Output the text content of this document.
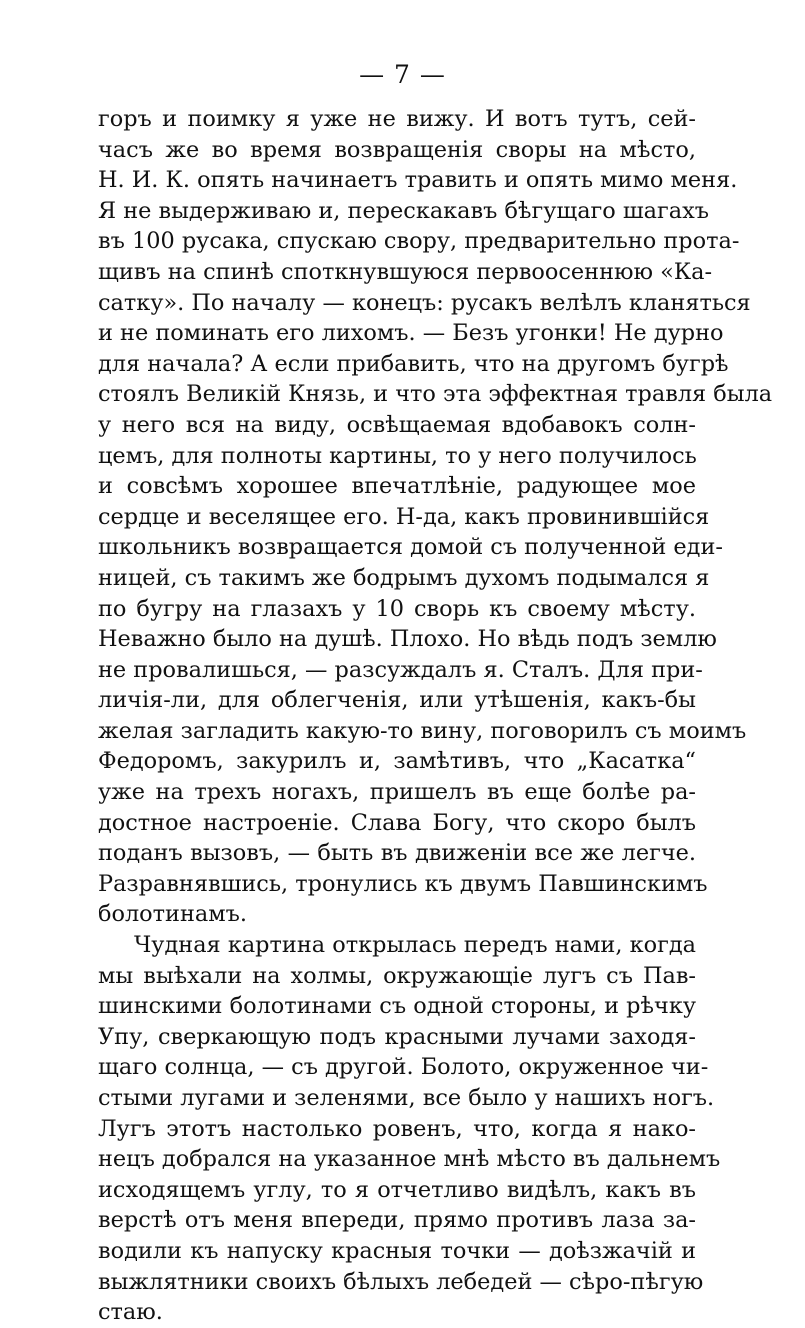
— 7 —
горъ и поимку я уже не вижу. И вотъ тутъ, сей-
часъ же во время возвращенія своры на мѣсто,
Н. И. К. опять начинаетъ травить и опять мимо меня.
Я не выдерживаю и, перескакавъ бѣгущаго шагахъ
въ 100 русака, спускаю свору, предварительно прота-
щивъ на спинѣ споткнувшуюся первоосеннюю «Ка-
сатку». По началу — конецъ: русакъ велѣлъ кланяться
и не поминать его лихомъ. — Безъ угонки! Не дурно
для начала? А если прибавить, что на другомъ бугрѣ
стоялъ Великій Князь, и что эта эффектная травля была
у него вся на виду, освѣщаемая вдобавокъ солн-
цемъ, для полноты картины, то у него получилось
и совсѣмъ хорошее впечатлѣніе, радующее мое
сердце и веселящее его. Н-да, какъ провинившійся
школьникъ возвращается домой съ полученной еди-
ницей, съ такимъ же бодрымъ духомъ подымался я
по бугру на глазахъ у 10 сворь къ своему мѣсту.
Неважно было на душѣ. Плохо. Но вѣдь подъ землю
не провалишься, — разсуждалъ я. Сталъ. Для при-
личія-ли, для облегченія, или утѣшенія, какъ-бы
желая загладить какую-то вину, поговорилъ съ моимъ
Федоромъ, закурилъ и, замѣтивъ, что „Касатка“
уже на трехъ ногахъ, пришелъ въ еще болѣе ра-
достное настроеніе. Слава Богу, что скоро былъ
поданъ вызовъ, — быть въ движеніи все же легче.
Разравнявшись, тронулись къ двумъ Павшинскимъ
болотинамъ.
Чудная картина открылась передъ нами, когда
мы выѣхали на холмы, окружающіе лугъ съ Пав-
шинскими болотинами съ одной стороны, и рѣчку
Упу, сверкающую подъ красными лучами заходя-
щаго солнца, — съ другой. Болото, окруженное чи-
стыми лугами и зеленями, все было у нашихъ ногъ.
Лугъ этотъ настолько ровенъ, что, когда я нако-
нецъ добрался на указанное мнѣ мѣсто въ дальнемъ
исходящемъ углу, то я отчетливо видѣлъ, какъ въ
верстѣ отъ меня впереди, прямо противъ лаза за-
водили къ напуску красныя точки — доѣзжачій и
выжлятники своихъ бѣлыхъ лебедей — сѣро-пѣгую
стаю.
